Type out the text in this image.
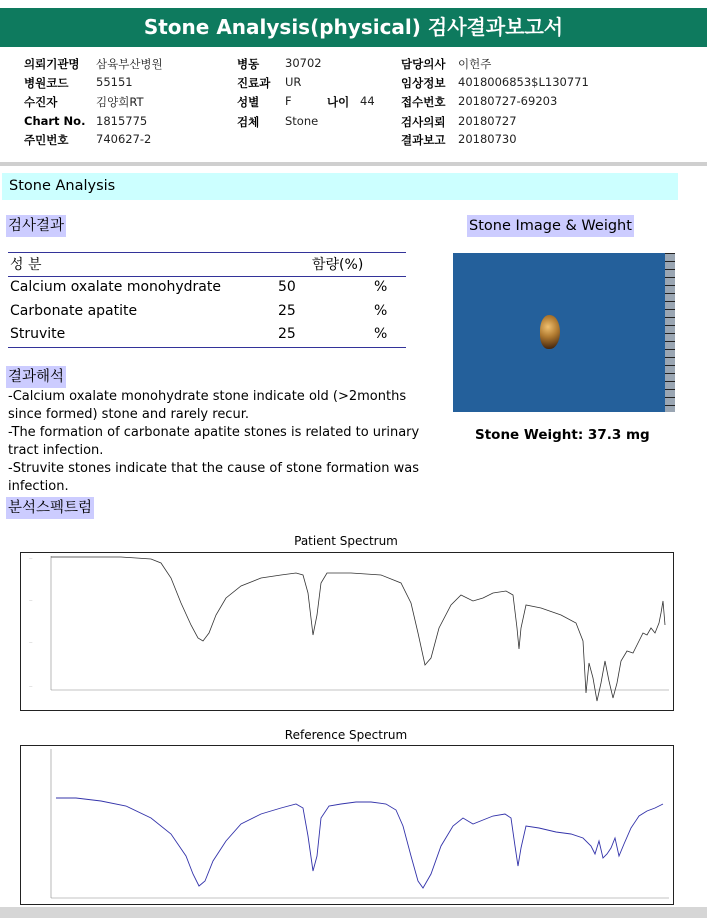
Stone Analysis(physical) 검사결과보고서
의뢰기관명 삼육부산병원
병원코드 55151
수진자	김양희RT
Chart No. 1815775
주민번호 740627-2
병동 30702
진료과 UR
성별 F	나이 44
검체 Stone
담당의사 이헌주
임상정보 4018006853$L130771
접수번호 20180727-69203
검사의뢰 20180727
결과보고 20180730
Stone Analysis
검사결과	Stone Image & Weight
성 분	함량(%)
Calcium oxalate monohydrate	50	%
Carbonate apatite	25	%
Struvite	25	%
결과해석
-Calcium oxalate monohydrate stone indicate old (>2months since formed) stone and rarely recur.
-The formation of carbonate apatite stones is related to urinary tract infection.
-Struvite stones indicate that the cause of stone formation was infection.
Stone Weight: 37.3 mg
분석스펙트럼
Patient Spectrum
—
—
—
—
Reference Spectrum
